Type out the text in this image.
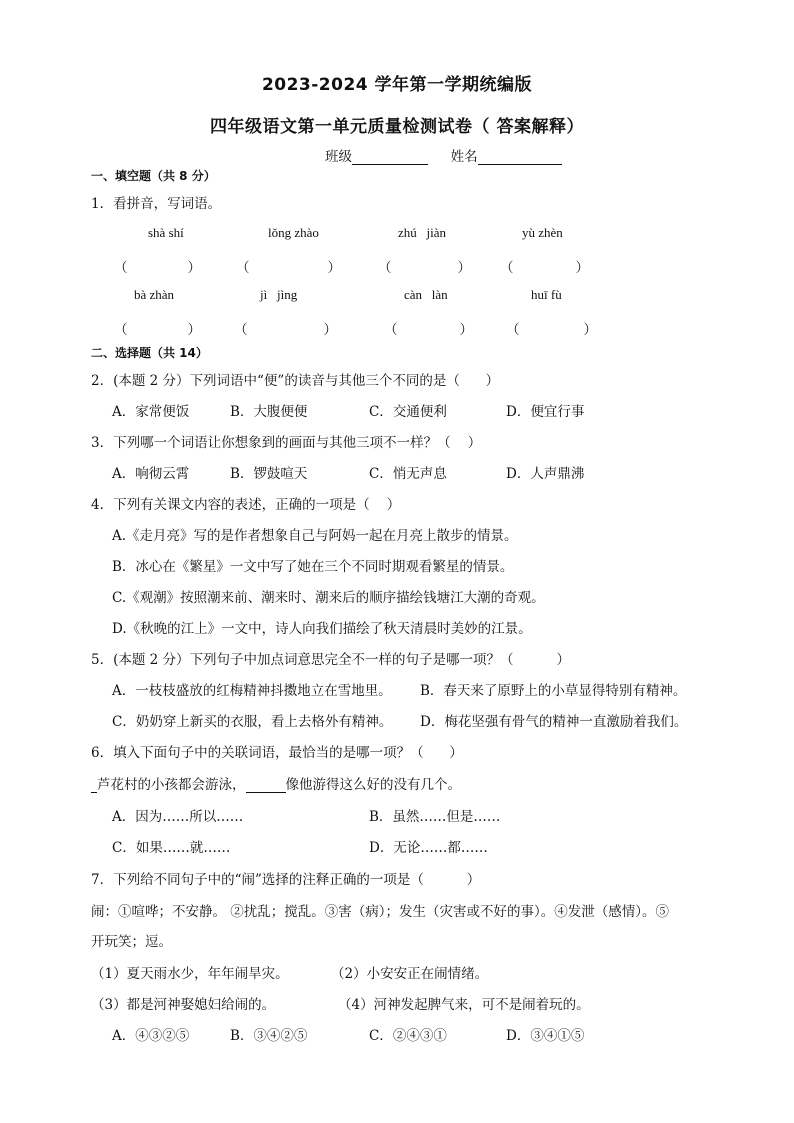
2023-2024 学年第一学期统编版
四年级语文第一单元质量检测试卷（ 答案解释）
班级	姓名
一、填空题（共 8 分）
1．看拼音，写词语。
shà shí	lǒng zhào	zhú   jiàn	yù zhèn
（	）	（	）	（	） （	）
bà zhàn	jì   jìng	càn   làn	huī fù
（	） （	）	（	） （	）
二、选择题（共 14）
2．(本题 2 分）下列词语中“便”的读音与其他三个不同的是（      ）
A．家常便饭	B．大腹便便	C．交通便利	D．便宜行事
3．下列哪一个词语让你想象到的画面与其他三项不一样？（    ）
A．响彻云霄	B．锣鼓喧天	C．悄无声息	D．人声鼎沸
4．下列有关课文内容的表述，正确的一项是（    ）
A.《走月亮》写的是作者想象自己与阿妈一起在月亮上散步的情景。
B．冰心在《繁星》一文中写了她在三个不同时期观看繁星的情景。
C.《观潮》按照潮来前、潮来时、潮来后的顺序描绘钱塘江大潮的奇观。
D.《秋晚的江上》一文中，诗人向我们描绘了秋天清晨时美妙的江景。
5．(本题 2 分）下列句子中加点词意思完全不一样的句子是哪一项？（          ）
A．一枝枝盛放的红梅精神抖擞地立在雪地里。 B．春天来了原野上的小草显得特别有精神。
C．奶奶穿上新买的衣服，看上去格外有精神。 D．梅花坚强有骨气的精神一直激励着我们。
6．填入下面句子中的关联词语，最恰当的是哪一项？（      ）
芦花村的小孩都会游泳，	像他游得这么好的没有几个。
A．因为……所以……	B．虽然……但是……
C．如果……就……	D．无论……都……
7．下列给不同句子中的“闹”选择的注释正确的一项是（          ）
闹：①喧哗；不安静。 ②扰乱；搅乱。③害（病）；发生（灾害或不好的事）。④发泄（感情）。⑤
开玩笑；逗。
（1）夏天雨水少，年年闹旱灾。	（2）小安安正在闹情绪。
（3）都是河神娶媳妇给闹的。	（4）河神发起脾气来，可不是闹着玩的。
A．④③②⑤	B．③④②⑤	C．②④③①	D．③④①⑤
